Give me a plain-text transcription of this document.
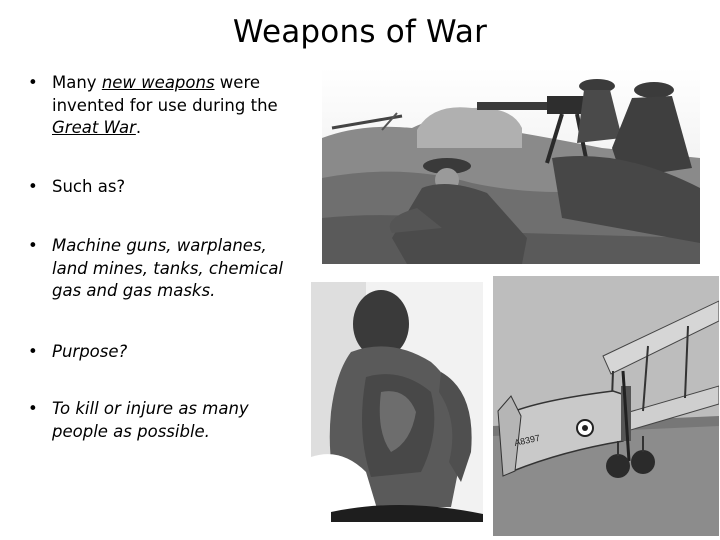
Weapons of War
• Many new weapons were invented for use during the Great War.
• Such as?
• Machine guns, warplanes, land mines, tanks, chemical gas and gas masks.
• Purpose?
• To kill or injure as many people as possible.	A8397
